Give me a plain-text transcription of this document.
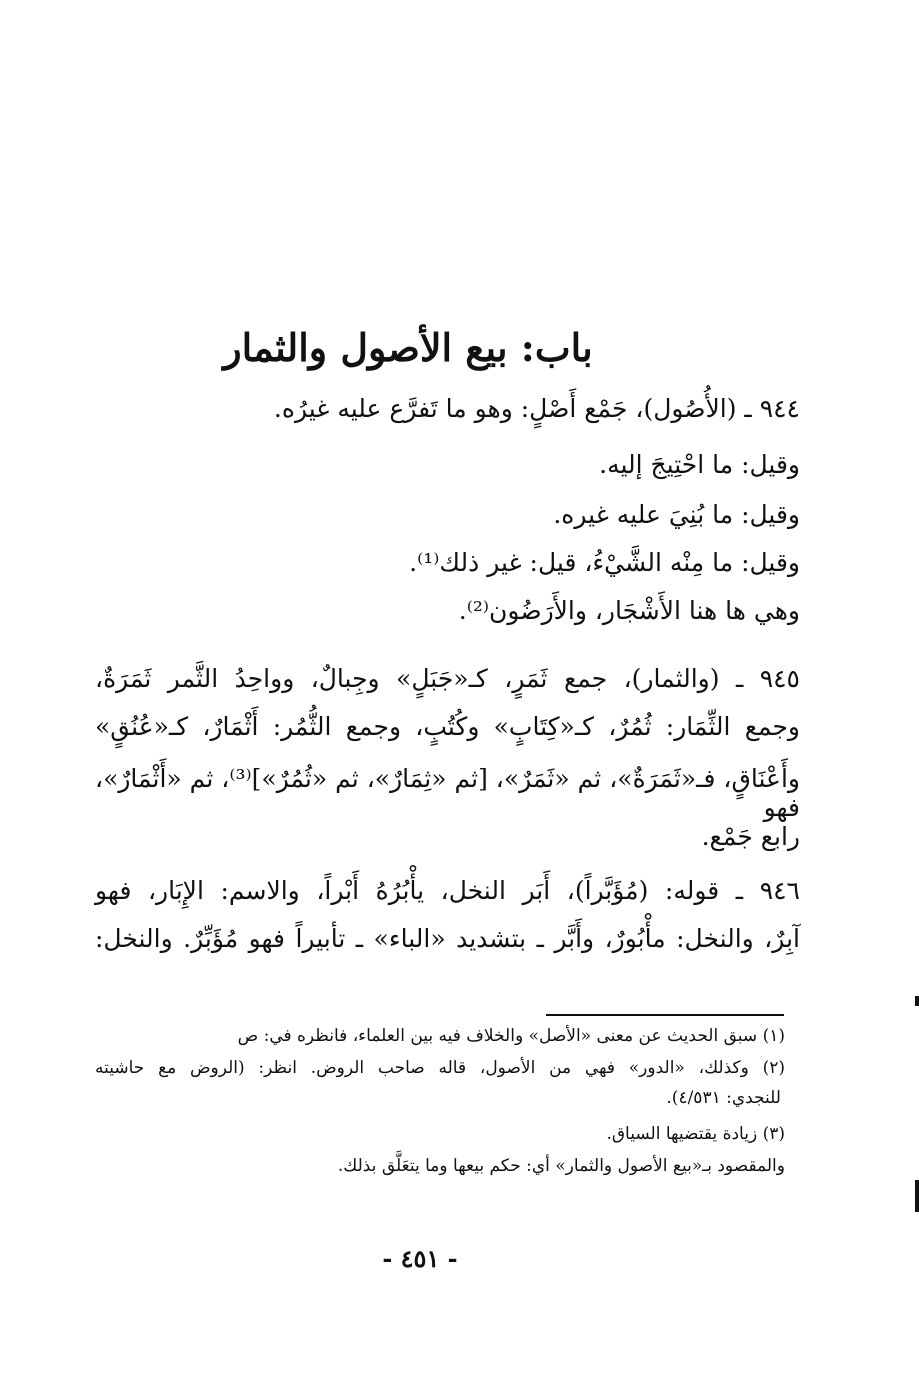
باب: بيع الأصول والثمار
٩٤٤ ـ (الأُصُول)، جَمْع أَصْلٍ: وهو ما تَفرَّع عليه غيرُه.
وقيل: ما احْتِيجَ إليه.
وقيل: ما بُنِيَ عليه غيره.
وقيل: ما مِنْه الشَّيْءُ، قيل: غير ذلك⁽¹⁾.
وهي ها هنا الأَشْجَار، والأَرَضُون⁽²⁾.
٩٤٥ ـ (والثمار)، جمع ثَمَرٍ، كـ«جَبَلٍ» وجِبالٌ، وواحِدُ الثَّمر ثَمَرَةٌ،
وجمع الثِّمَار: ثُمُرٌ، كـ«كِتَابٍ» وكُتُبٍ، وجمع الثُّمُر: أَثْمَارٌ، كـ«عُنُقٍ»
وأَعْنَاقٍ، فـ«ثَمَرَةٌ»، ثم «ثَمَرٌ»، [ثم «ثِمَارٌ»، ثم «ثُمُرٌ»]⁽³⁾، ثم «أَثْمَارٌ»، فهو
رابع جَمْع.
٩٤٦ ـ قوله: (مُؤَبَّراً)، أَبَر النخل، يأْبُرُهُ أَبْراً، والاسم: الإِبَار، فهو
آبِرٌ، والنخل: مأْبُورٌ، وأَبَّر ـ بتشديد «الباء» ـ تأبيراً فهو مُؤَبِّرٌ. والنخل:
(١) سبق الحديث عن معنى «الأصل» والخلاف فيه بين العلماء، فانظره في: ص
(٢) وكذلك، «الدور» فهي من الأصول، قاله صاحب الروض. انظر: (الروض مع حاشيته
للنجدي: ٤/٥٣١).
(٣) زيادة يقتضيها السياق.
والمقصود بـ«بيع الأصول والثمار» أي: حكم بيعها وما يتعَلَّق بذلك.
- ٤٥١ -
